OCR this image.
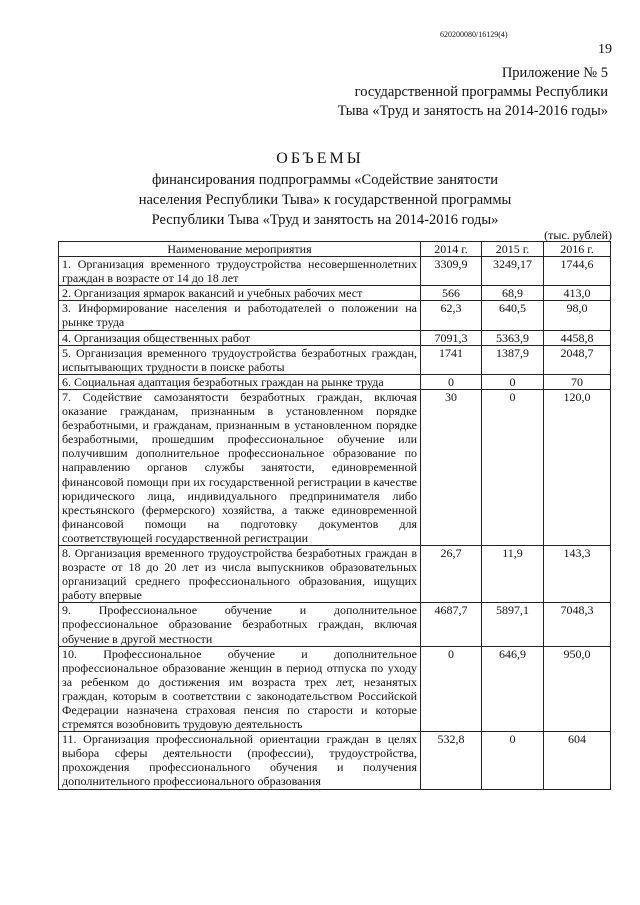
620200080/16129(4)
19
Приложение № 5
государственной программы Республики
Тыва «Труд и занятость на 2014-2016 годы»
ОБЪЕМЫ
финансирования подпрограммы «Содействие занятости
населения Республики Тыва» к государственной программы
Республики Тыва «Труд и занятость на 2014-2016 годы»
(тыс. рублей)
Наименование мероприятия	2014 г.	2015 г.	2016 г.
1. Организация временного трудоустройства несовершеннолетних граждан в возрасте от 14 до 18 лет	3309,9	3249,17	1744,6
2. Организация ярмарок вакансий и учебных рабочих мест	566	68,9	413,0
3. Информирование населения и работодателей о положении на рынке труда	62,3	640,5	98,0
4. Организация общественных работ	7091,3	5363,9	4458,8
5. Организация временного трудоустройства безработных граждан, испытывающих трудности в поиске работы	1741	1387,9	2048,7
6. Социальная адаптация безработных граждан на рынке труда	0	0	70
7. Содействие самозанятости безработных граждан, включая оказание гражданам, признанным в установленном порядке безработными, и гражданам, признанным в установленном порядке безработными, прошедшим профессиональное обучение или получившим дополнительное профессиональное образование по направлению органов службы занятости, единовременной финансовой помощи при их государственной регистрации в качестве юридического лица, индивидуального предпринимателя либо крестьянского (фермерского) хозяйства, а также единовременной финансовой помощи на подготовку документов для соответствующей государственной регистрации	30	0	120,0
8. Организация временного трудоустройства безработных граждан в возрасте от 18 до 20 лет из числа выпускников образовательных организаций среднего профессионального образования, ищущих работу впервые	26,7	11,9	143,3
9. Профессиональное обучение и дополнительное профессиональное образование безработных граждан, включая обучение в другой местности	4687,7	5897,1	7048,3
10. Профессиональное обучение и дополнительное профессиональное образование женщин в период отпуска по уходу за ребенком до достижения им возраста трех лет, незанятых граждан, которым в соответствии с законодательством Российской Федерации назначена страховая пенсия по старости и которые стремятся возобновить трудовую деятельность	0	646,9	950,0
11. Организация профессиональной ориентации граждан в целях выбора сферы деятельности (профессии), трудоустройства, прохождения профессионального обучения и получения дополнительного профессионального образования	532,8	0	604
